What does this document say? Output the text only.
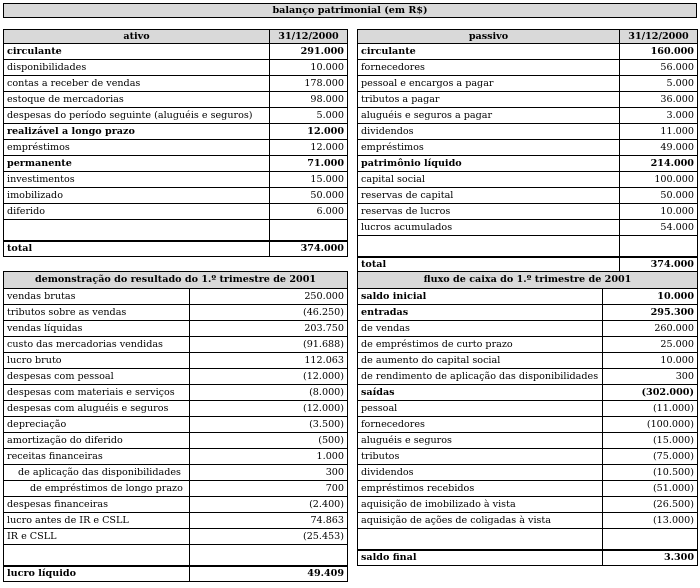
balanço patrimonial (em R$)
ativo	31/12/2000
circulante	291.000
disponibilidades	10.000
contas a receber de vendas	178.000
estoque de mercadorias	98.000
despesas do período seguinte (aluguéis e seguros)	5.000
realizável a longo prazo	12.000
empréstimos	12.000
permanente	71.000
investimentos	15.000
imobilizado	50.000
diferido	6.000

total	374.000
passivo	31/12/2000
circulante	160.000
fornecedores	56.000
pessoal e encargos a pagar	5.000
tributos a pagar	36.000
aluguéis e seguros a pagar	3.000
dividendos	11.000
empréstimos	49.000
patrimônio líquido	214.000
capital social	100.000
reservas de capital	50.000
reservas de lucros	10.000
lucros acumulados	54.000

total	374.000
demonstração do resultado do 1.º trimestre de 2001	
vendas brutas	250.000
tributos sobre as vendas	(46.250)
vendas líquidas	203.750
custo das mercadorias vendidas	(91.688)
lucro bruto	112.063
despesas com pessoal	(12.000)
despesas com materiais e serviços	(8.000)
despesas com aluguéis e seguros	(12.000)
depreciação	(3.500)
amortização do diferido	(500)
receitas financeiras	1.000
de aplicação das disponibilidades	300
de empréstimos de longo prazo	700
despesas financeiras	(2.400)
lucro antes de IR e CSLL	74.863
IR e CSLL	(25.453)

lucro líquido	49.409
fluxo de caixa do 1.º trimestre de 2001	
saldo inicial	10.000
entradas	295.300
de vendas	260.000
de empréstimos de curto prazo	25.000
de aumento do capital social	10.000
de rendimento de aplicação das disponibilidades	300
saídas	(302.000)
pessoal	(11.000)
fornecedores	(100.000)
aluguéis e seguros	(15.000)
tributos	(75.000)
dividendos	(10.500)
empréstimos recebidos	(51.000)
aquisição de imobilizado à vista	(26.500)
aquisição de ações de coligadas à vista	(13.000)

saldo final	3.300
